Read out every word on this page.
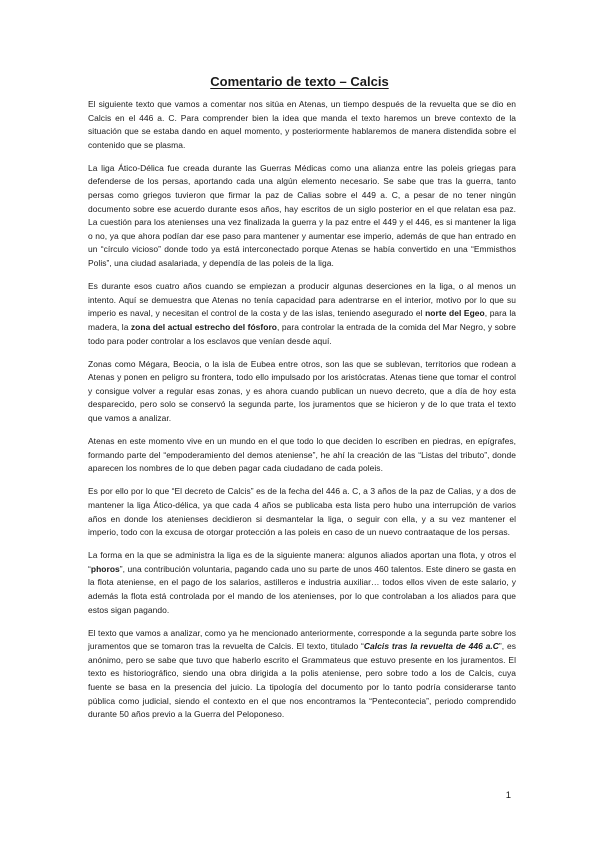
Comentario de texto – Calcis

El siguiente texto que vamos a comentar nos sitúa en Atenas, un tiempo después de la revuelta que se dio en Calcis en el 446 a. C. Para comprender bien la idea que manda el texto haremos un breve contexto de la situación que se estaba dando en aquel momento, y posteriormente hablaremos de manera distendida sobre el contenido que se plasma.

La liga Ático-Délica fue creada durante las Guerras Médicas como una alianza entre las poleis griegas para defenderse de los persas, aportando cada una algún elemento necesario. Se sabe que tras la guerra, tanto persas como griegos tuvieron que firmar la paz de Calias sobre el 449 a. C, a pesar de no tener ningún documento sobre ese acuerdo durante esos años, hay escritos de un siglo posterior en el que relatan esa paz. La cuestión para los atenienses una vez finalizada la guerra y la paz entre el 449 y el 446, es si mantener la liga o no, ya que ahora podían dar ese paso para mantener y aumentar ese imperio, además de que han entrado en un “círculo vicioso” donde todo ya está interconectado porque Atenas se había convertido en una “Emmisthos Polis”, una ciudad asalariada, y dependía de las poleis de la liga.

Es durante esos cuatro años cuando se empiezan a producir algunas deserciones en la liga, o al menos un intento. Aquí se demuestra que Atenas no tenía capacidad para adentrarse en el interior, motivo por lo que su imperio es naval, y necesitan el control de la costa y de las islas, teniendo asegurado el norte del Egeo, para la madera, la zona del actual estrecho del fósforo, para controlar la entrada de la comida del Mar Negro, y sobre todo para poder controlar a los esclavos que venían desde aquí.

Zonas como Mégara, Beocia, o la isla de Eubea entre otros, son las que se sublevan, territorios que rodean a Atenas y ponen en peligro su frontera, todo ello impulsado por los aristócratas. Atenas tiene que tomar el control y consigue volver a regular esas zonas, y es ahora cuando publican un nuevo decreto, que a día de hoy esta desparecido, pero solo se conservó la segunda parte, los juramentos que se hicieron y de lo que trata el texto que vamos a analizar.

Atenas en este momento vive en un mundo en el que todo lo que deciden lo escriben en piedras, en epígrafes, formando parte del “empoderamiento del demos ateniense”, he ahí la creación de las “Listas del tributo”, donde aparecen los nombres de lo que deben pagar cada ciudadano de cada poleis.

Es por ello por lo que “El decreto de Calcis” es de la fecha del 446 a. C, a 3 años de la paz de Calias, y a dos de mantener la liga Ático-délica, ya que cada 4 años se publicaba esta lista pero hubo una interrupción de varios años en donde los atenienses decidieron si desmantelar la liga, o seguir con ella, y a su vez mantener el imperio, todo con la excusa de otorgar protección a las poleis en caso de un nuevo contraataque de los persas.

La forma en la que se administra la liga es de la siguiente manera: algunos aliados aportan una flota, y otros el “phoros”, una contribución voluntaria, pagando cada uno su parte de unos 460 talentos. Este dinero se gasta en la flota ateniense, en el pago de los salarios, astilleros e industria auxiliar… todos ellos viven de este salario, y además la flota está controlada por el mando de los atenienses, por lo que controlaban a los aliados para que estos sigan pagando.

El texto que vamos a analizar, como ya he mencionado anteriormente, corresponde a la segunda parte sobre los juramentos que se tomaron tras la revuelta de Calcis. El texto, titulado “Calcis tras la revuelta de 446 a.C”, es anónimo, pero se sabe que tuvo que haberlo escrito el Grammateus que estuvo presente en los juramentos. El texto es historiográfico, siendo una obra dirigida a la polis ateniense, pero sobre todo a los de Calcis, cuya fuente se basa en la presencia del juicio. La tipología del documento por lo tanto podría considerarse tanto pública como judicial, siendo el contexto en el que nos encontramos la “Pentecontecia”, periodo comprendido durante 50 años previo a la Guerra del Peloponeso.

1
